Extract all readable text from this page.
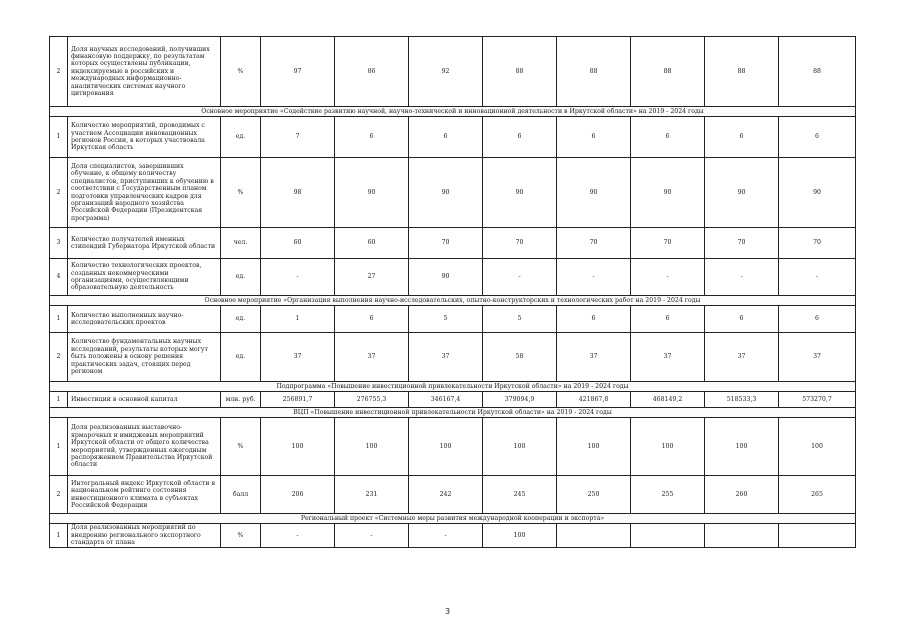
2	Доля научных исследований, получивших финансовую поддержку, по результатам которых осуществлены публикации, индексируемые в российских и международных информационно-аналитических системах научного цитирования	%	97	86	92	88	88	88	88	88
Основное мероприятие «Содействие развитию научной, научно-технической и инновационной деятельности в Иркутской области» на 2019 - 2024 годы										
1	Количество мероприятий, проводимых с участием Ассоциации инновационных регионов России, в которых участвовала Иркутская область	ед.	7	6	6	6	6	6	6	6
2	Доля специалистов, завершивших обучение, к общему количеству специалистов, приступивших к обучению в соответствии с Государственным планом подготовки управленческих кадров для организаций народного хозяйства Российской Федерации (Президентская программа)	%	98	90	90	90	90	90	90	90
3	Количество получателей именных стипендий Губернатора Иркутской области	чел.	60	60	70	70	70	70	70	70
4	Количество технологических проектов, созданных некоммерческими организациями, осуществляющими образовательную деятельность	ед.	-	27	90	-	-	-	-	-
Основное мероприятие «Организация выполнения научно-исследовательских, опытно-конструкторских и технологических работ на 2019 - 2024 годы										
1	Количество выполненных научно-исследовательских проектов	ед.	1	6	5	5	6	6	6	6
2	Количество фундаментальных научных исследований, результаты которых могут быть положены в основу решения практических задач, стоящих перед регионом	ед.	37	37	37	58	37	37	37	37
Подпрограмма «Повышение инвестиционной привлекательности Иркутской области» на 2019 - 2024 годы										
1	Инвестиции в основной капитал	млн. руб.	256891,7	276755,3	346167,4	379094,9	421867,8	468149,2	518533,3	573270,7
ВЦП «Повышение инвестиционной привлекательности Иркутской области» на 2019 - 2024 годы										
1	Доля реализованных выставочно-ярмарочных и имиджевых мероприятий Иркутской области от общего количества мероприятий, утвержденных ежегодным распоряжением Правительства Иркутской области	%	100	100	100	100	100	100	100	100
2	Интегральный индекс Иркутской области в национальном рейтинге состояния инвестиционного климата в субъектах Российской Федерации	балл	206	231	242	245	250	255	260	265
Региональный проект «Системные меры развития международной кооперации и экспорта»										
1	Доля реализованных мероприятий по внедрению регионального экспортного стандарта от плана	%	-	-	-	100				
3
